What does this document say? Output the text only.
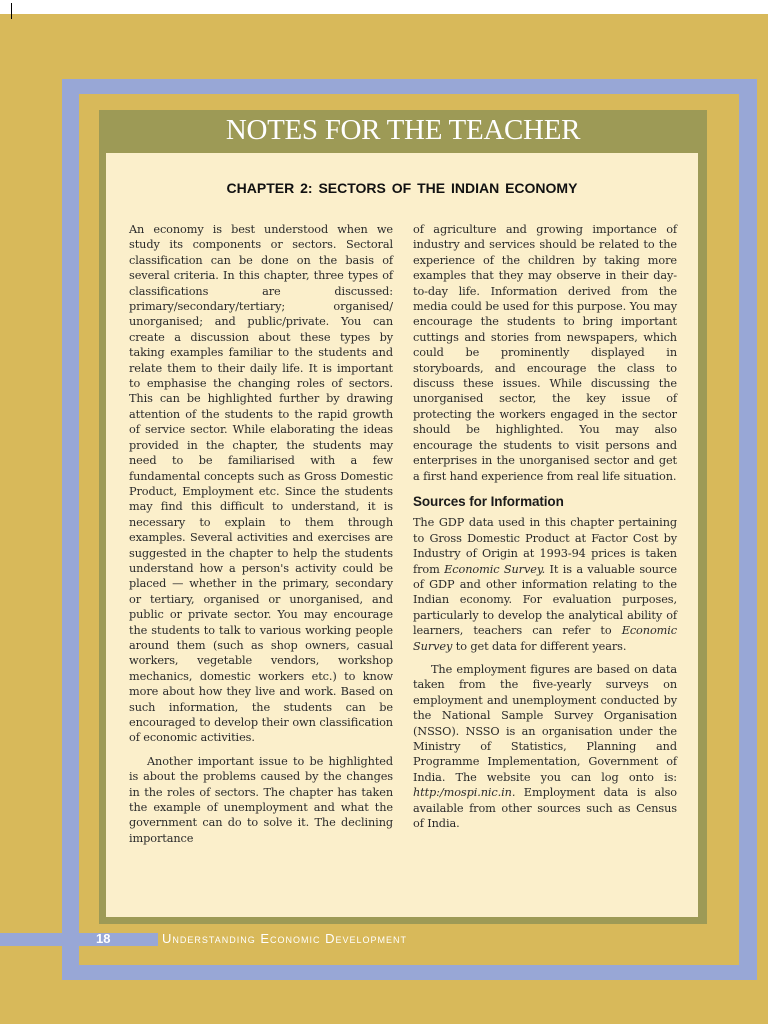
NOTES FOR THE TEACHER
CHAPTER 2: SECTORS OF THE INDIAN ECONOMY

An economy is best understood when we study its components or sectors. Sectoral classification can be done on the basis of several criteria. In this chapter, three types of classifications are discussed: primary/secondary/tertiary; organised/ unorganised; and public/private. You can create a discussion about these types by taking examples familiar to the students and relate them to their daily life. It is important to emphasise the changing roles of sectors. This can be highlighted further by drawing attention of the students to the rapid growth of service sector. While elaborating the ideas provided in the chapter, the students may need to be familiarised with a few fundamental concepts such as Gross Domestic Product, Employment etc. Since the students may find this difficult to understand, it is necessary to explain to them through examples. Several activities and exercises are suggested in the chapter to help the students understand how a person's activity could be placed — whether in the primary, secondary or tertiary, organised or unorganised, and public or private sector. You may encourage the students to talk to various working people around them (such as shop owners, casual workers, vegetable vendors, workshop mechanics, domestic workers etc.) to know more about how they live and work. Based on such information, the students can be encouraged to develop their own classification of economic activities.

Another important issue to be highlighted is about the problems caused by the changes in the roles of sectors. The chapter has taken the example of unemployment and what the government can do to solve it. The declining importance

of agriculture and growing importance of industry and services should be related to the experience of the children by taking more examples that they may observe in their day-to-day life. Information derived from the media could be used for this purpose. You may encourage the students to bring important cuttings and stories from newspapers, which could be prominently displayed in storyboards, and encourage the class to discuss these issues. While discussing the unorganised sector, the key issue of protecting the workers engaged in the sector should be highlighted. You may also encourage the students to visit persons and enterprises in the unorganised sector and get a first hand experience from real life situation.

Sources for Information

The GDP data used in this chapter pertaining to Gross Domestic Product at Factor Cost by Industry of Origin at 1993-94 prices is taken from Economic Survey. It is a valuable source of GDP and other information relating to the Indian economy. For evaluation purposes, particularly to develop the analytical ability of learners, teachers can refer to Economic Survey to get data for different years.

The employment figures are based on data taken from the five-yearly surveys on employment and unemployment conducted by the National Sample Survey Organisation (NSSO). NSSO is an organisation under the Ministry of Statistics, Planning and Programme Implementation, Government of India. The website you can log onto is: http:/mospi.nic.in. Employment data is also available from other sources such as Census of India.

18	Understanding Economic Development
